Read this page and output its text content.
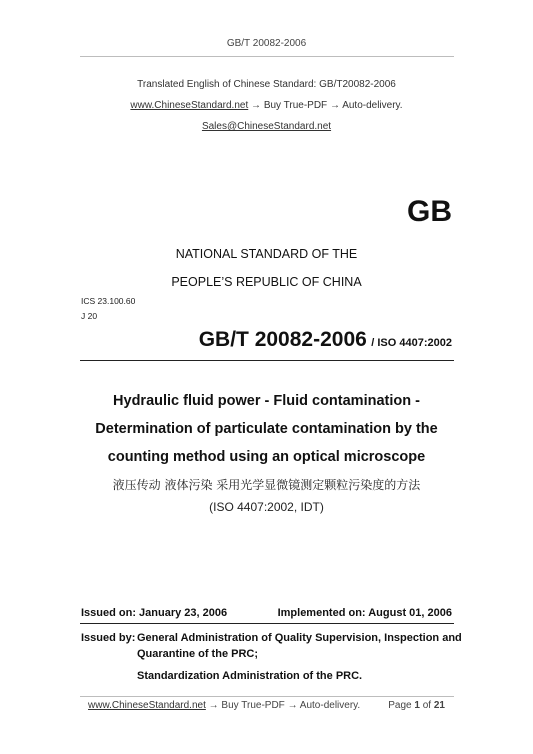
GB/T 20082-2006
Translated English of Chinese Standard: GB/T20082-2006
www.ChineseStandard.net → Buy True-PDF → Auto-delivery.
Sales@ChineseStandard.net
GB
NATIONAL STANDARD OF THE
PEOPLE’S REPUBLIC OF CHINA
ICS 23.100.60
J 20
GB/T 20082-2006 / ISO 4407:2002
Hydraulic fluid power - Fluid contamination -
Determination of particulate contamination by the
counting method using an optical microscope
液压传动 液体污染 采用光学显微镜测定颗粒污染度的方法
(ISO 4407:2002, IDT)
Issued on: January 23, 2006	Implemented on: August 01, 2006
Issued by: General Administration of Quality Supervision, Inspection and
Quarantine of the PRC;
Standardization Administration of the PRC.
www.ChineseStandard.net → Buy True-PDF → Auto-delivery.	Page 1 of 21
